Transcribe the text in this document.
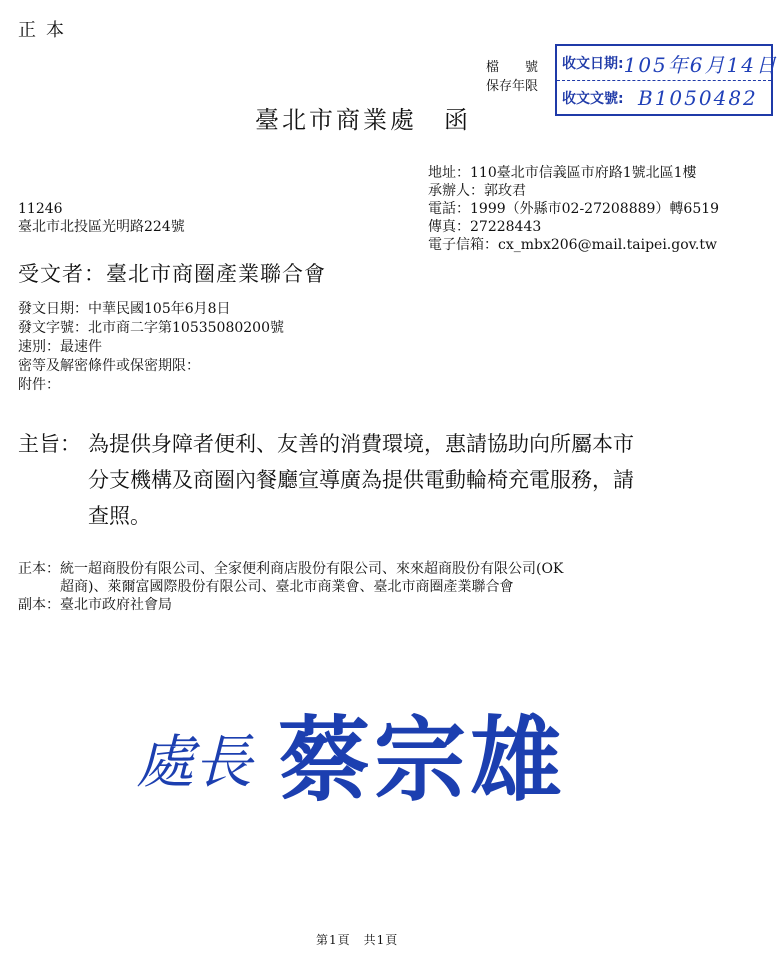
正本
檔　　號
保存年限
收文日期: 105年6月14日
收文文號: B1050482
臺北市商業處　函
地址：110臺北市信義區市府路1號北區1樓
承辦人：郭玫君
電話：1999（外縣市02-27208889）轉6519
傳真：27228443
電子信箱：cx_mbx206@mail.taipei.gov.tw
11246
臺北市北投區光明路224號
受文者：臺北市商圈產業聯合會
發文日期：中華民國105年6月8日
發文字號：北市商二字第10535080200號
速別：最速件
密等及解密條件或保密期限：
附件：
主旨： 為提供身障者便利、友善的消費環境，惠請協助向所屬本市
分支機構及商圈內餐廳宣導廣為提供電動輪椅充電服務，請
查照。
正本：統一超商股份有限公司、全家便利商店股份有限公司、來來超商股份有限公司(OK
　　　超商)、萊爾富國際股份有限公司、臺北市商業會、臺北市商圈產業聯合會
副本：臺北市政府社會局
處長 蔡宗雄
第1頁　共1頁
